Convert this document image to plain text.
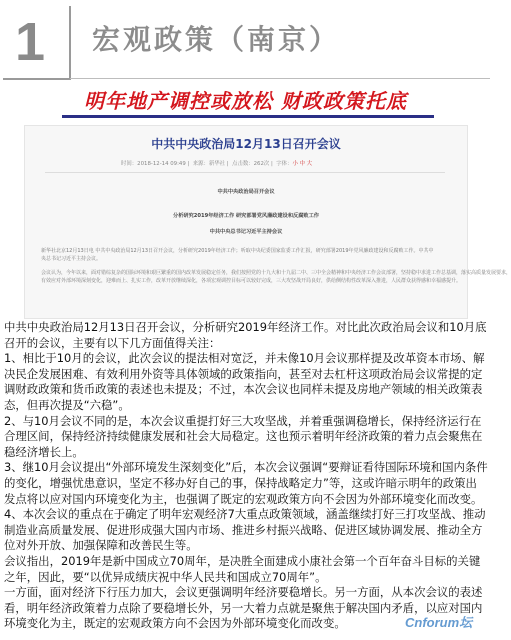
1 宏观政策（南京）
明年地产调控或放松 财政政策托底
中共中央政治局12月13日召开会议
时间：2018-12-14 09:49 |  来源：新华社 |  点击数：262次 |  字体：小 中 大
中共中央政治局召开会议
分析研究2019年经济工作 研究部署党风廉政建设和反腐败工作
中共中央总书记习近平主持会议
新华社北京12月13日电 中共中央政治局12月13日召开会议，分析研究2019年经济工作；听取中央纪委国家监委工作汇报，研究部署2019年党风廉政建设和反腐败工作。中共中
央总书记习近平主持会议。
会议认为，今年以来，面对错综复杂的国际环境和艰巨繁重的国内改革发展稳定任务，我们按照党的十九大和十九届二中、三中全会精神和中央经济工作会议部署，坚持稳中求进工作总基调，落实高质量发展要求，
有效应对外部环境深刻变化，迎难而上、扎实工作，改革开放继续深化，各项宏观调控目标可以较好完成，三大攻坚战开局良好，供给侧结构性改革深入推进，人民群众获得感和幸福感提升。

中共中央政治局12月13日召开会议，分析研究2019年经济工作。对比此次政治局会议和10月底召开的会议，主要有以下几方面值得关注：

1、相比于10月的会议，此次会议的提法相对宽泛，并未像10月会议那样提及改革资本市场、解决民企发展困难、有效利用外资等具体领域的政策指向，甚至对去杠杆这项政治局会议常提的定调财政政策和货币政策的表述也未提及；不过，本次会议也同样未提及房地产领域的相关政策表态，但再次提及“六稳”。

2、与10月会议不同的是，本次会议重提打好三大攻坚战，并着重强调稳增长，保持经济运行在合理区间，保持经济持续健康发展和社会大局稳定。这也预示着明年经济政策的着力点会聚焦在稳经济增长上。

3、继10月会议提出“外部环境发生深刻变化”后，本次会议强调“要辩证看待国际环境和国内条件的变化，增强忧患意识，坚定不移办好自己的事，保持战略定力”等，这或许暗示明年的政策出发点将以应对国内环境变化为主，也强调了既定的宏观政策方向不会因为外部环境变化而改变。

4、本次会议的重点在于确定了明年宏观经济7大重点政策领域，涵盖继续打好三打攻坚战、推动制造业高质量发展、促进形成强大国内市场、推进乡村振兴战略、促进区域协调发展、推动全方位对外开放、加强保障和改善民生等。

会议指出，2019年是新中国成立70周年，是决胜全面建成小康社会第一个百年奋斗目标的关键之年，因此，要“以优异成绩庆祝中华人民共和国成立70周年”。

一方面，面对经济下行压力加大，会议更强调明年经济要稳增长。另一方面，从本次会议的表述看，明年经济政策着力点除了要稳增长外，另一大着力点就是聚焦于解决国内矛盾，以应对国内环境变化为主，既定的宏观政策方向不会因为外部环境变化而改变。	Cnforum坛
